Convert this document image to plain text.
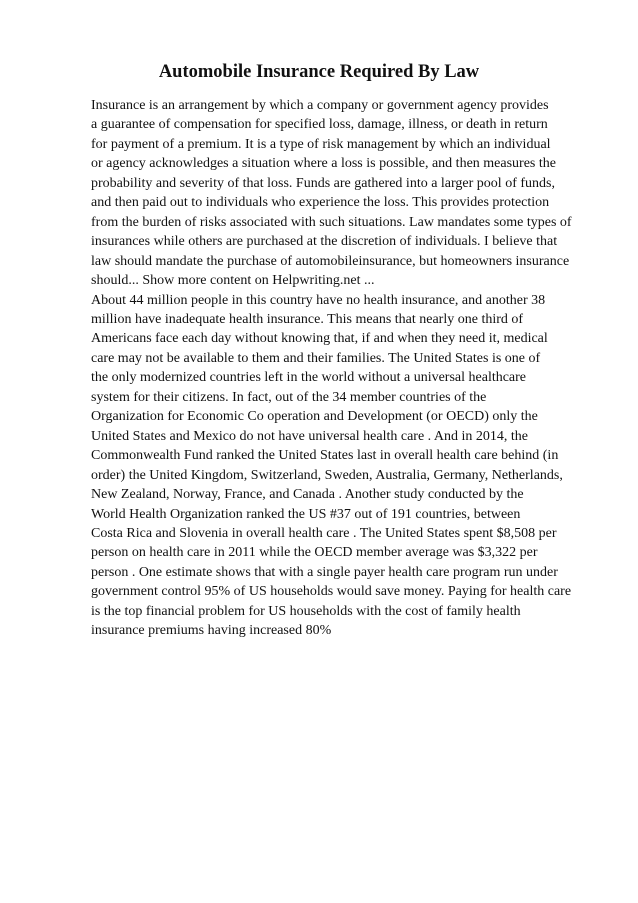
Automobile Insurance Required By Law
Insurance is an arrangement by which a company or government agency provides
a guarantee of compensation for specified loss, damage, illness, or death in return
for payment of a premium. It is a type of risk management by which an individual
or agency acknowledges a situation where a loss is possible, and then measures the
probability and severity of that loss. Funds are gathered into a larger pool of funds,
and then paid out to individuals who experience the loss. This provides protection
from the burden of risks associated with such situations. Law mandates some types of
insurances while others are purchased at the discretion of individuals. I believe that
law should mandate the purchase of automobileinsurance, but homeowners insurance
should... Show more content on Helpwriting.net ...
About 44 million people in this country have no health insurance, and another 38
million have inadequate health insurance. This means that nearly one third of
Americans face each day without knowing that, if and when they need it, medical
care may not be available to them and their families. The United States is one of
the only modernized countries left in the world without a universal healthcare
system for their citizens. In fact, out of the 34 member countries of the
Organization for Economic Co operation and Development (or OECD) only the
United States and Mexico do not have universal health care . And in 2014, the
Commonwealth Fund ranked the United States last in overall health care behind (in
order) the United Kingdom, Switzerland, Sweden, Australia, Germany, Netherlands,
New Zealand, Norway, France, and Canada . Another study conducted by the
World Health Organization ranked the US #37 out of 191 countries, between
Costa Rica and Slovenia in overall health care . The United States spent $8,508 per
person on health care in 2011 while the OECD member average was $3,322 per
person . One estimate shows that with a single payer health care program run under
government control 95% of US households would save money. Paying for health care
is the top financial problem for US households with the cost of family health
insurance premiums having increased 80%
